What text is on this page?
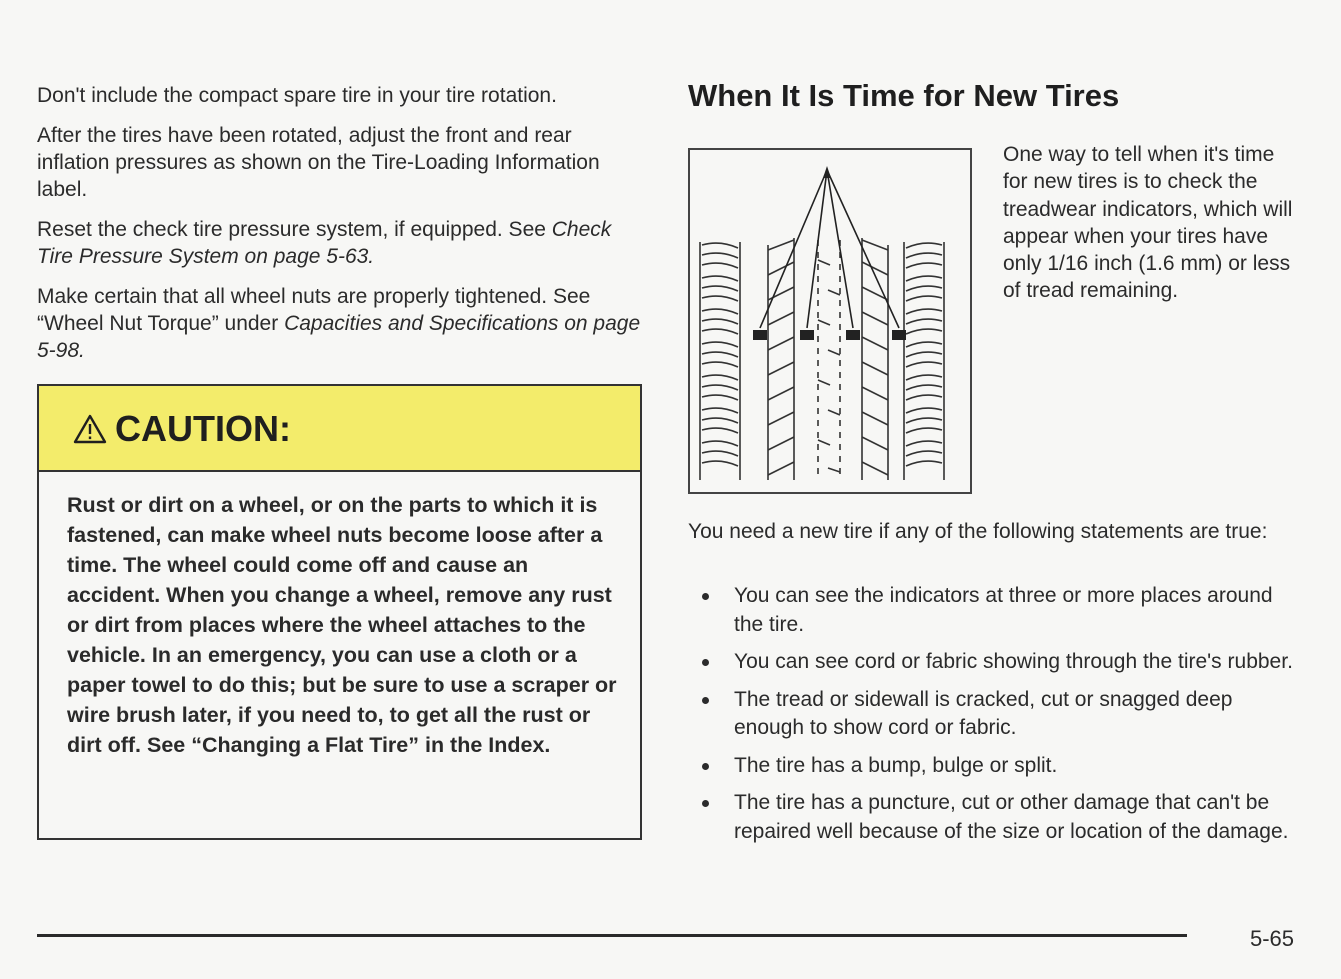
Don't include the compact spare tire in your tire rotation.

After the tires have been rotated, adjust the front and rear inflation pressures as shown on the Tire-Loading Information label.

Reset the check tire pressure system, if equipped. See Check Tire Pressure System on page 5-63.

Make certain that all wheel nuts are properly tightened. See “Wheel Nut Torque” under Capacities and Specifications on page 5-98.

CAUTION:

Rust or dirt on a wheel, or on the parts to which it is fastened, can make wheel nuts become loose after a time. The wheel could come off and cause an accident. When you change a wheel, remove any rust or dirt from places where the wheel attaches to the vehicle. In an emergency, you can use a cloth or a paper towel to do this; but be sure to use a scraper or wire brush later, if you need to, to get all the rust or dirt off. See “Changing a Flat Tire” in the Index.

When It Is Time for New Tires

One way to tell when it's time for new tires is to check the treadwear indicators, which will appear when your tires have only 1/16 inch (1.6 mm) or less of tread remaining.

You need a new tire if any of the following statements are true:

You can see the indicators at three or more places around the tire.
You can see cord or fabric showing through the tire's rubber.
The tread or sidewall is cracked, cut or snagged deep enough to show cord or fabric.
The tire has a bump, bulge or split.
The tire has a puncture, cut or other damage that can't be repaired well because of the size or location of the damage.
5-65
